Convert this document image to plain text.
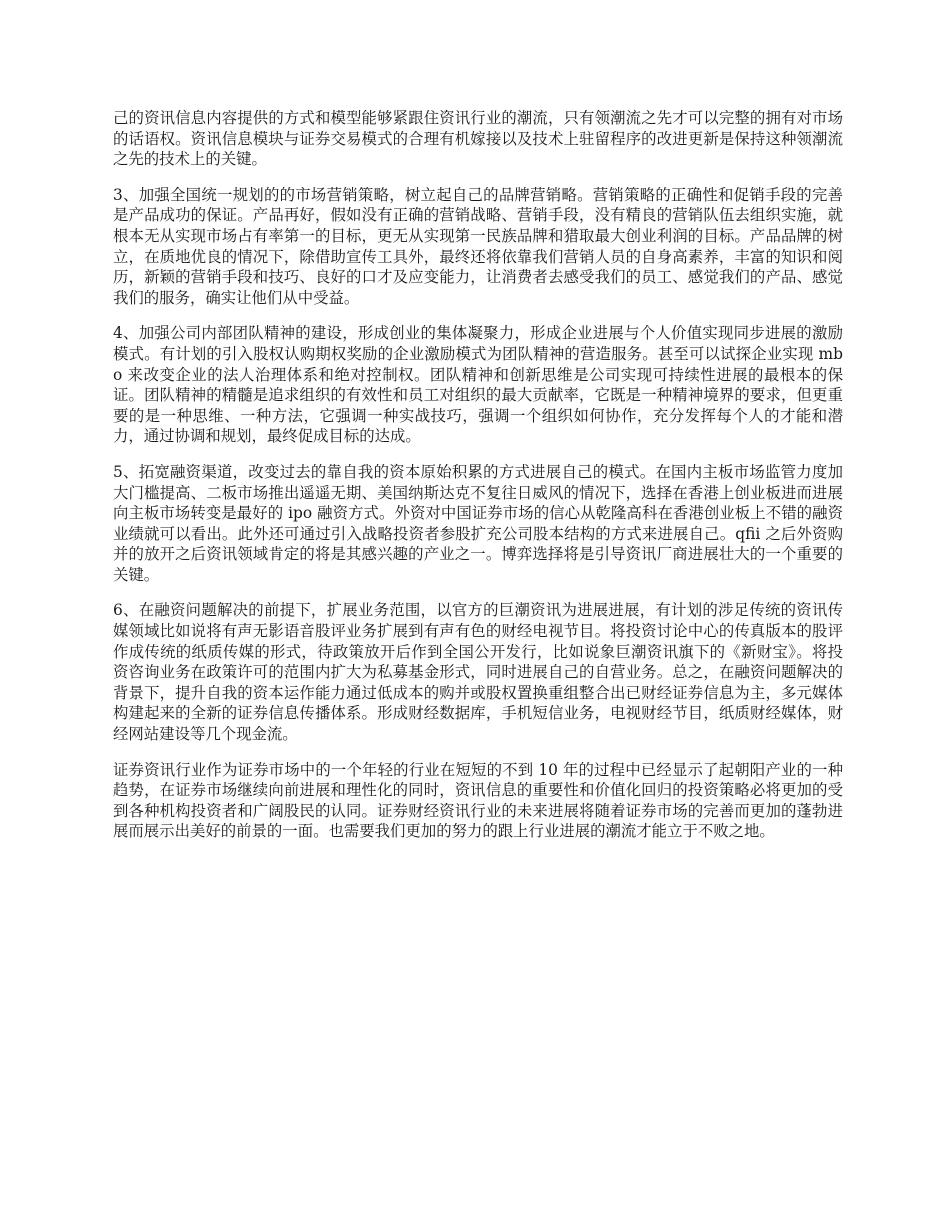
己的资讯信息内容提供的方式和模型能够紧跟住资讯行业的潮流，只有领潮流之先才可以完整的拥有对市场的话语权。资讯信息模块与证券交易模式的合理有机嫁接以及技术上驻留程序的改进更新是保持这种领潮流之先的技术上的关键。

3、加强全国统一规划的的市场营销策略，树立起自己的品牌营销略。营销策略的正确性和促销手段的完善是产品成功的保证。产品再好，假如没有正确的营销战略、营销手段，没有精良的营销队伍去组织实施，就根本无从实现市场占有率第一的目标，更无从实现第一民族品牌和猎取最大创业利润的目标。产品品牌的树立，在质地优良的情况下，除借助宣传工具外，最终还将依靠我们营销人员的自身高素养，丰富的知识和阅历，新颖的营销手段和技巧、良好的口才及应变能力，让消费者去感受我们的员工、感觉我们的产品、感觉我们的服务，确实让他们从中受益。

4、加强公司内部团队精神的建设，形成创业的集体凝聚力，形成企业进展与个人价值实现同步进展的激励模式。有计划的引入股权认购期权奖励的企业激励模式为团队精神的营造服务。甚至可以试探企业实现 mbo 来改变企业的法人治理体系和绝对控制权。团队精神和创新思维是公司实现可持续性进展的最根本的保证。团队精神的精髓是追求组织的有效性和员工对组织的最大贡献率，它既是一种精神境界的要求，但更重要的是一种思维、一种方法，它强调一种实战技巧，强调一个组织如何协作，充分发挥每个人的才能和潜力，通过协调和规划，最终促成目标的达成。

5、拓宽融资渠道，改变过去的靠自我的资本原始积累的方式进展自己的模式。在国内主板市场监管力度加大门槛提高、二板市场推出遥遥无期、美国纳斯达克不复往日威风的情况下，选择在香港上创业板进而进展向主板市场转变是最好的 ipo 融资方式。外资对中国证券市场的信心从乾隆高科在香港创业板上不错的融资业绩就可以看出。此外还可通过引入战略投资者参股扩充公司股本结构的方式来进展自己。qfii 之后外资购并的放开之后资讯领域肯定的将是其感兴趣的产业之一。博弈选择将是引导资讯厂商进展壮大的一个重要的关键。

6、在融资问题解决的前提下，扩展业务范围，以官方的巨潮资讯为进展进展，有计划的涉足传统的资讯传媒领域比如说将有声无影语音股评业务扩展到有声有色的财经电视节目。将投资讨论中心的传真版本的股评作成传统的纸质传媒的形式，待政策放开后作到全国公开发行，比如说象巨潮资讯旗下的《新财宝》。将投资咨询业务在政策许可的范围内扩大为私募基金形式，同时进展自己的自营业务。总之，在融资问题解决的背景下，提升自我的资本运作能力通过低成本的购并或股权置换重组整合出已财经证券信息为主，多元媒体构建起来的全新的证券信息传播体系。形成财经数据库，手机短信业务，电视财经节目，纸质财经媒体，财经网站建设等几个现金流。

证券资讯行业作为证券市场中的一个年轻的行业在短短的不到 10 年的过程中已经显示了起朝阳产业的一种趋势，在证券市场继续向前进展和理性化的同时，资讯信息的重要性和价值化回归的投资策略必将更加的受到各种机构投资者和广阔股民的认同。证券财经资讯行业的未来进展将随着证券市场的完善而更加的蓬勃进展而展示出美好的前景的一面。也需要我们更加的努力的跟上行业进展的潮流才能立于不败之地。
